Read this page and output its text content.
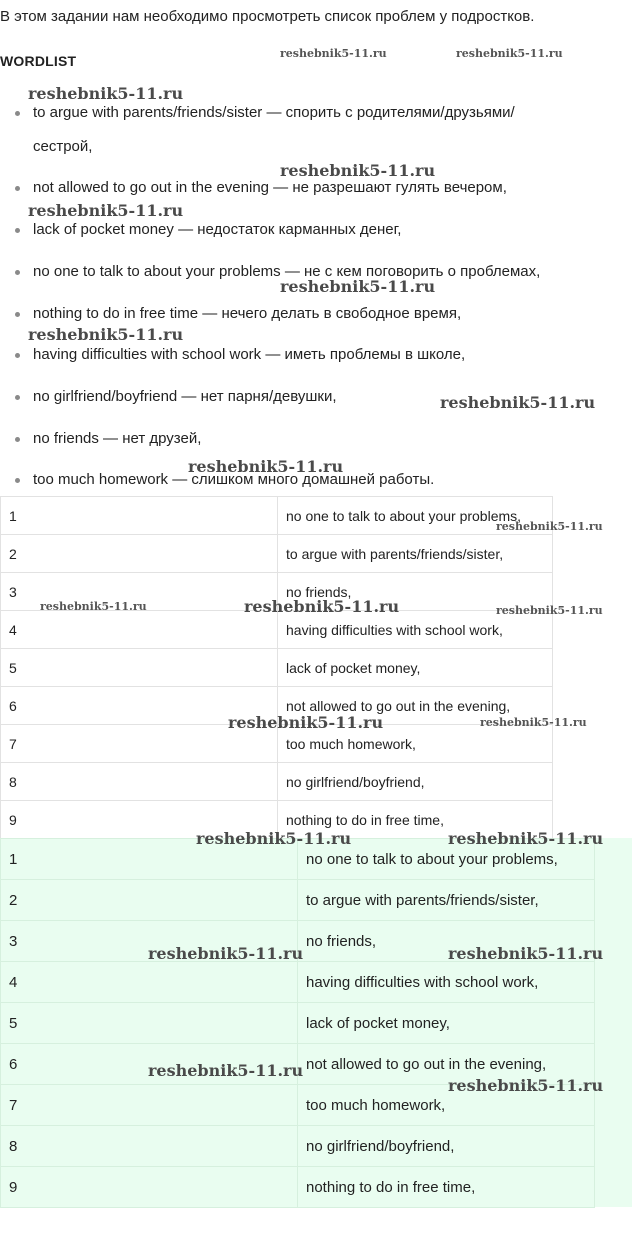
В этом задании нам необходимо просмотреть список проблем у подростков.
WORDLIST
to argue with parents/friends/sister — спорить с родителями/друзьями/
сестрой,
not allowed to go out in the evening — не разрешают гулять вечером,
lack of pocket money — недостаток карманных денег,
no one to talk to about your problems — не с кем поговорить о проблемах,
nothing to do in free time — нечего делать в свободное время,
having difficulties with school work — иметь проблемы в школе,
no girlfriend/boyfriend — нет парня/девушки,
no friends — нет друзей,
too much homework — слишком много домашней работы.
1	no one to talk to about your problems,
2	to argue with parents/friends/sister,
3	no friends,
4	having difficulties with school work,
5	lack of pocket money,
6	not allowed to go out in the evening,
7	too much homework,
8	no girlfriend/boyfriend,
9	nothing to do in free time,
1	no one to talk to about your problems,
2	to argue with parents/friends/sister,
3	no friends,
4	having difficulties with school work,
5	lack of pocket money,
6	not allowed to go out in the evening,
7	too much homework,
8	no girlfriend/boyfriend,
9	nothing to do in free time,
reshebnik5-11.ru	reshebnik5-11.ru
reshebnik5-11.ru
reshebnik5-11.ru
reshebnik5-11.ru
reshebnik5-11.ru
reshebnik5-11.ru
reshebnik5-11.ru
reshebnik5-11.ru
reshebnik5-11.ru
reshebnik5-11.ru	reshebnik5-11.ru	reshebnik5-11.ru
reshebnik5-11.ru	reshebnik5-11.ru
reshebnik5-11.ru	reshebnik5-11.ru
reshebnik5-11.ru	reshebnik5-11.ru
reshebnik5-11.ru
reshebnik5-11.ru
